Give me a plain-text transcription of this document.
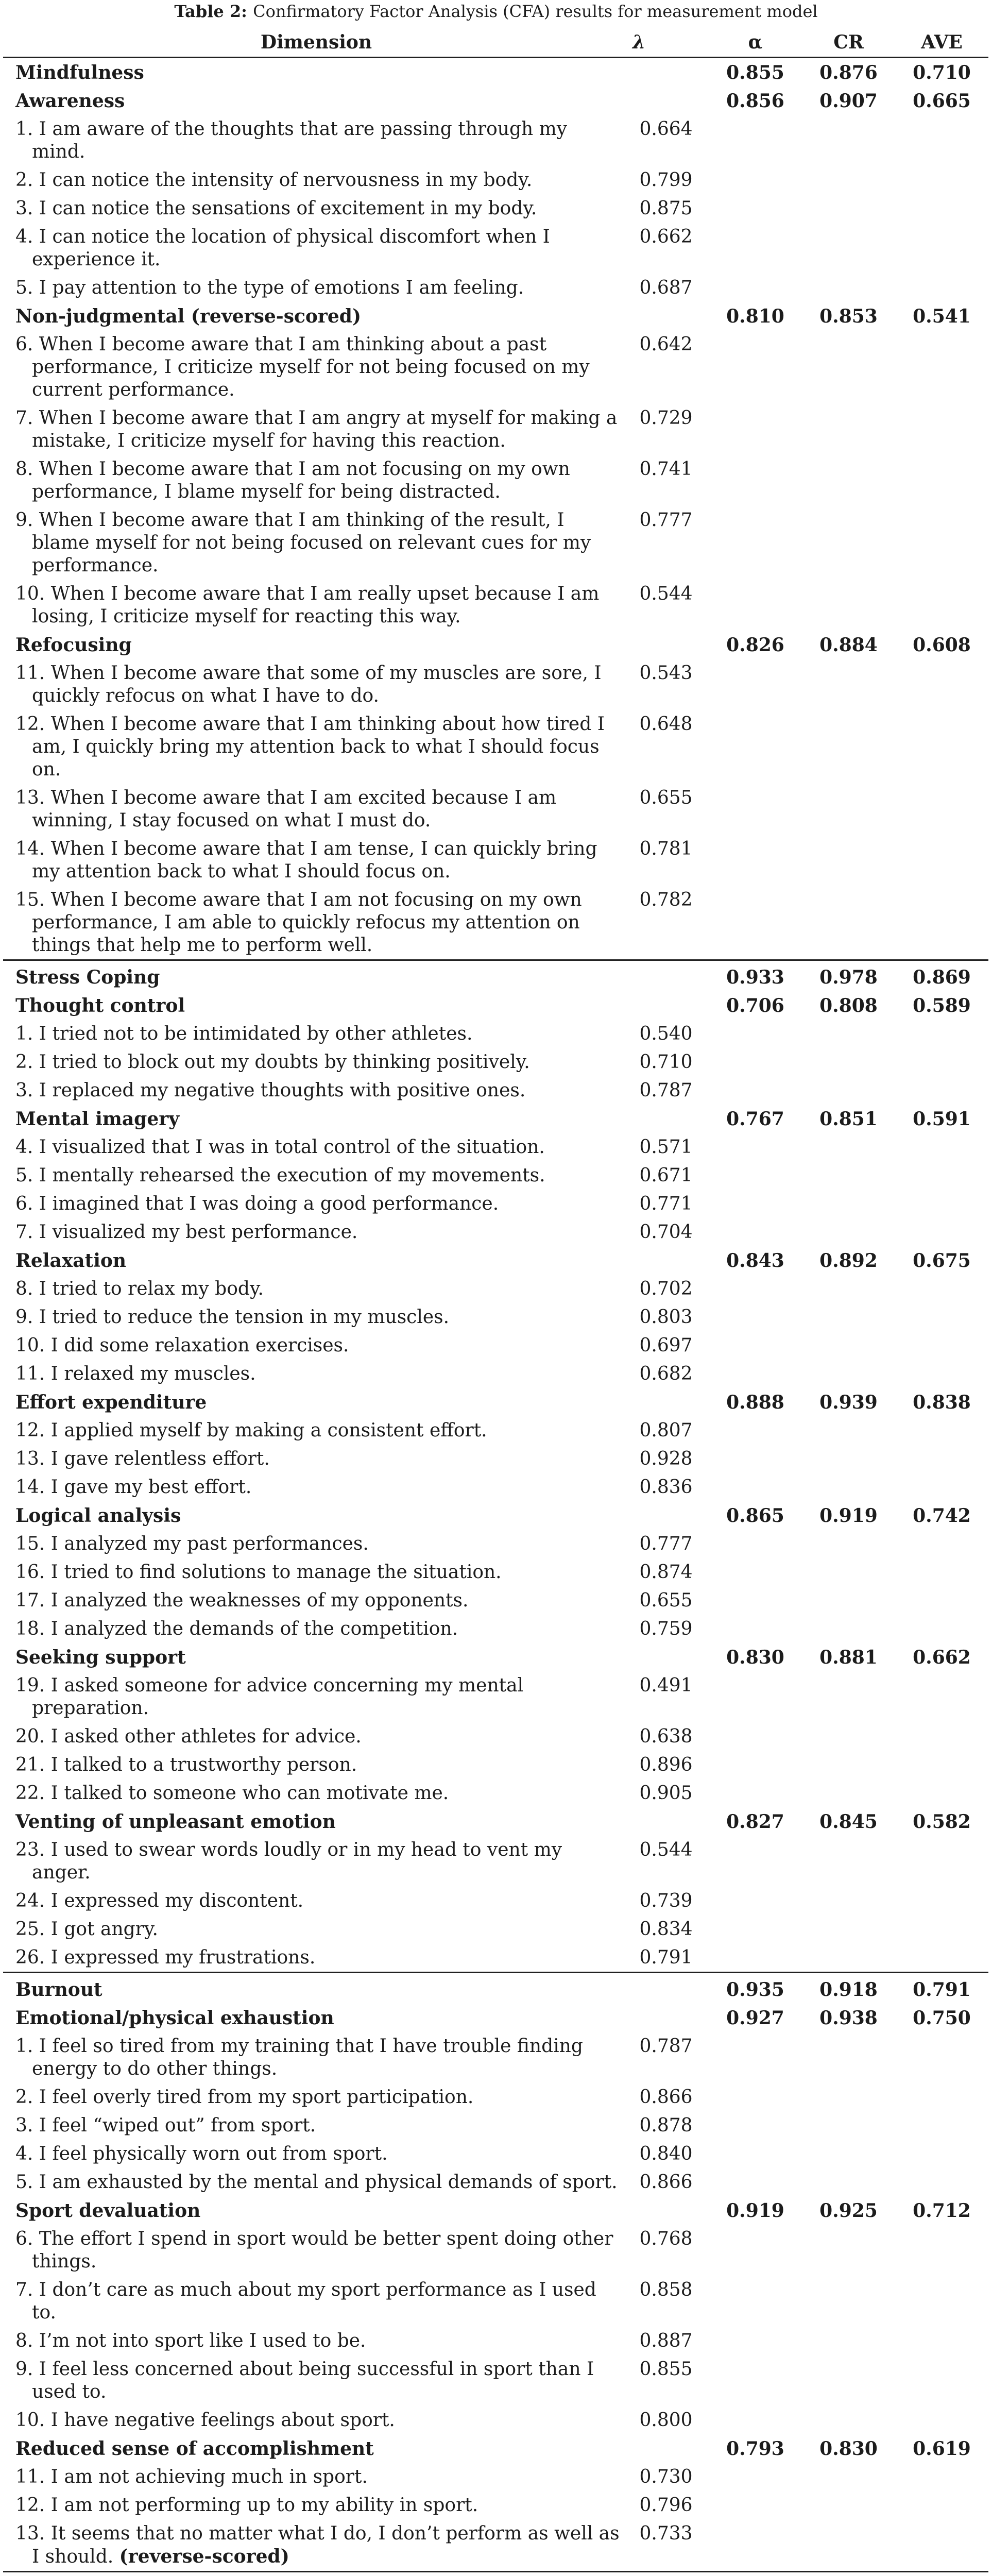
Table 2: Confirmatory Factor Analysis (CFA) results for measurement model
Dimension	λ	α	CR	AVE
Mindfulness		0.855	0.876	0.710
Awareness		0.856	0.907	0.665
1. I am aware of the thoughts that are passing through my mind.	0.664			
2. I can notice the intensity of nervousness in my body.	0.799			
3. I can notice the sensations of excitement in my body.	0.875			
4. I can notice the location of physical discomfort when I experience it.	0.662			
5. I pay attention to the type of emotions I am feeling.	0.687			
Non-judgmental (reverse-scored)		0.810	0.853	0.541
6. When I become aware that I am thinking about a past performance, I criticize myself for not being focused on my current performance.	0.642			
7. When I become aware that I am angry at myself for making a mistake, I criticize myself for having this reaction.	0.729			
8. When I become aware that I am not focusing on my own performance, I blame myself for being distracted.	0.741			
9. When I become aware that I am thinking of the result, I blame myself for not being focused on relevant cues for my performance.	0.777			
10. When I become aware that I am really upset because I am losing, I criticize myself for reacting this way.	0.544			
Refocusing		0.826	0.884	0.608
11. When I become aware that some of my muscles are sore, I quickly refocus on what I have to do.	0.543			
12. When I become aware that I am thinking about how tired I am, I quickly bring my attention back to what I should focus on.	0.648			
13. When I become aware that I am excited because I am winning, I stay focused on what I must do.	0.655			
14. When I become aware that I am tense, I can quickly bring my attention back to what I should focus on.	0.781			
15. When I become aware that I am not focusing on my own performance, I am able to quickly refocus my attention on things that help me to perform well.	0.782			
Stress Coping		0.933	0.978	0.869
Thought control		0.706	0.808	0.589
1. I tried not to be intimidated by other athletes.	0.540			
2. I tried to block out my doubts by thinking positively.	0.710			
3. I replaced my negative thoughts with positive ones.	0.787			
Mental imagery		0.767	0.851	0.591
4. I visualized that I was in total control of the situation.	0.571			
5. I mentally rehearsed the execution of my movements.	0.671			
6. I imagined that I was doing a good performance.	0.771			
7. I visualized my best performance.	0.704			
Relaxation		0.843	0.892	0.675
8. I tried to relax my body.	0.702			
9. I tried to reduce the tension in my muscles.	0.803			
10. I did some relaxation exercises.	0.697			
11. I relaxed my muscles.	0.682			
Effort expenditure		0.888	0.939	0.838
12. I applied myself by making a consistent effort.	0.807			
13. I gave relentless effort.	0.928			
14. I gave my best effort.	0.836			
Logical analysis		0.865	0.919	0.742
15. I analyzed my past performances.	0.777			
16. I tried to find solutions to manage the situation.	0.874			
17. I analyzed the weaknesses of my opponents.	0.655			
18. I analyzed the demands of the competition.	0.759			
Seeking support		0.830	0.881	0.662
19. I asked someone for advice concerning my mental preparation.	0.491			
20. I asked other athletes for advice.	0.638			
21. I talked to a trustworthy person.	0.896			
22. I talked to someone who can motivate me.	0.905			
Venting of unpleasant emotion		0.827	0.845	0.582
23. I used to swear words loudly or in my head to vent my anger.	0.544			
24. I expressed my discontent.	0.739			
25. I got angry.	0.834			
26. I expressed my frustrations.	0.791			
Burnout		0.935	0.918	0.791
Emotional/physical exhaustion		0.927	0.938	0.750
1. I feel so tired from my training that I have trouble finding energy to do other things.	0.787			
2. I feel overly tired from my sport participation.	0.866			
3. I feel “wiped out” from sport.	0.878			
4. I feel physically worn out from sport.	0.840			
5. I am exhausted by the mental and physical demands of sport.	0.866			
Sport devaluation		0.919	0.925	0.712
6. The effort I spend in sport would be better spent doing other things.	0.768			
7. I don’t care as much about my sport performance as I used to.	0.858			
8. I’m not into sport like I used to be.	0.887			
9. I feel less concerned about being successful in sport than I used to.	0.855			
10. I have negative feelings about sport.	0.800			
Reduced sense of accomplishment		0.793	0.830	0.619
11. I am not achieving much in sport.	0.730			
12. I am not performing up to my ability in sport.	0.796			
13. It seems that no matter what I do, I don’t perform as well as I should. (reverse-scored)	0.733			
